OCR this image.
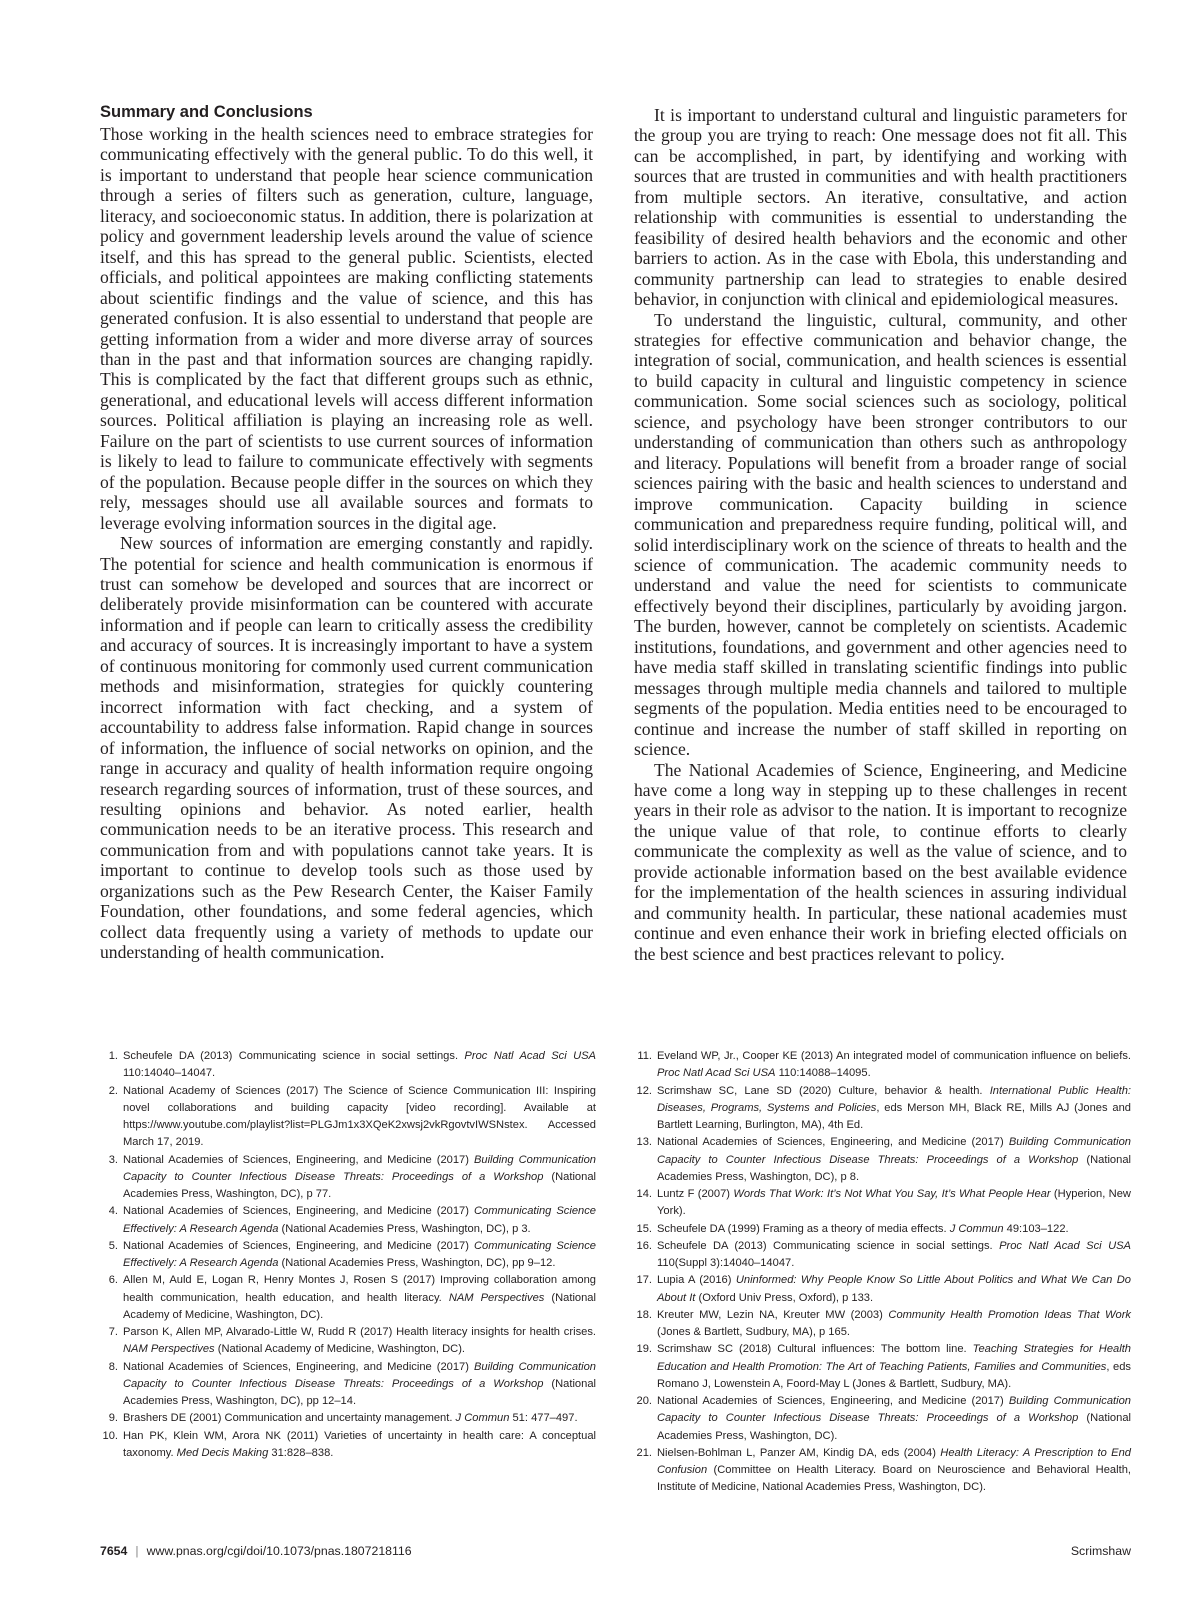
Summary and Conclusions

Those working in the health sciences need to embrace strategies for communicating effectively with the general public. To do this well, it is important to understand that people hear science communication through a series of filters such as generation, culture, language, literacy, and socioeconomic status. In addition, there is polarization at policy and government leadership levels around the value of science itself, and this has spread to the general public. Scientists, elected officials, and political appointees are making conflicting statements about scientific findings and the value of science, and this has generated confusion. It is also essential to understand that people are getting information from a wider and more diverse array of sources than in the past and that information sources are changing rapidly. This is complicated by the fact that different groups such as ethnic, generational, and educational levels will access different information sources. Political affiliation is playing an increasing role as well. Failure on the part of scientists to use current sources of information is likely to lead to failure to communicate effectively with segments of the population. Because people differ in the sources on which they rely, messages should use all available sources and formats to leverage evolving information sources in the digital age.

New sources of information are emerging constantly and rapidly. The potential for science and health communication is enormous if trust can somehow be developed and sources that are incorrect or deliberately provide misinformation can be countered with accurate information and if people can learn to critically assess the credibility and accuracy of sources. It is increasingly important to have a system of continuous monitoring for commonly used current communication methods and misinformation, strategies for quickly countering incorrect information with fact checking, and a system of accountability to address false information. Rapid change in sources of information, the influence of social networks on opinion, and the range in accuracy and quality of health information require ongoing research regarding sources of information, trust of these sources, and resulting opinions and behavior. As noted earlier, health communication needs to be an iterative process. This research and communication from and with populations cannot take years. It is important to continue to develop tools such as those used by organizations such as the Pew Research Center, the Kaiser Family Foundation, other foundations, and some federal agencies, which collect data frequently using a variety of methods to update our understanding of health communication.

It is important to understand cultural and linguistic parameters for the group you are trying to reach: One message does not fit all. This can be accomplished, in part, by identifying and working with sources that are trusted in communities and with health practitioners from multiple sectors. An iterative, consultative, and action relationship with communities is essential to understanding the feasibility of desired health behaviors and the economic and other barriers to action. As in the case with Ebola, this understanding and community partnership can lead to strategies to enable desired behavior, in conjunction with clinical and epidemiological measures.

To understand the linguistic, cultural, community, and other strategies for effective communication and behavior change, the integration of social, communication, and health sciences is essential to build capacity in cultural and linguistic competency in science communication. Some social sciences such as sociology, political science, and psychology have been stronger contributors to our understanding of communication than others such as anthropology and literacy. Populations will benefit from a broader range of social sciences pairing with the basic and health sciences to understand and improve communication. Capacity building in science communication and preparedness require funding, political will, and solid interdisciplinary work on the science of threats to health and the science of communication. The academic community needs to understand and value the need for scientists to communicate effectively beyond their disciplines, particularly by avoiding jargon. The burden, however, cannot be completely on scientists. Academic institutions, foundations, and government and other agencies need to have media staff skilled in translating scientific findings into public messages through multiple media channels and tailored to multiple segments of the population. Media entities need to be encouraged to continue and increase the number of staff skilled in reporting on science.

The National Academies of Science, Engineering, and Medicine have come a long way in stepping up to these challenges in recent years in their role as advisor to the nation. It is important to recognize the unique value of that role, to continue efforts to clearly communicate the complexity as well as the value of science, and to provide actionable information based on the best available evidence for the implementation of the health sciences in assuring individual and community health. In particular, these national academies must continue and even enhance their work in briefing elected officials on the best science and best practices relevant to policy.

1. Scheufele DA (2013) Communicating science in social settings. Proc Natl Acad Sci USA 110:14040–14047.
2. National Academy of Sciences (2017) The Science of Science Communication III: Inspiring novel collaborations and building capacity [video recording]. Available at https://www.youtube.com/playlist?list=PLGJm1x3XQeK2xwsj2vkRgovtvIWSNstex. Accessed March 17, 2019.
3. National Academies of Sciences, Engineering, and Medicine (2017) Building Communication Capacity to Counter Infectious Disease Threats: Proceedings of a Workshop (National Academies Press, Washington, DC), p 77.
4. National Academies of Sciences, Engineering, and Medicine (2017) Communicating Science Effectively: A Research Agenda (National Academies Press, Washington, DC), p 3.
5. National Academies of Sciences, Engineering, and Medicine (2017) Communicating Science Effectively: A Research Agenda (National Academies Press, Washington, DC), pp 9–12.
6. Allen M, Auld E, Logan R, Henry Montes J, Rosen S (2017) Improving collaboration among health communication, health education, and health literacy. NAM Perspectives (National Academy of Medicine, Washington, DC).
7. Parson K, Allen MP, Alvarado-Little W, Rudd R (2017) Health literacy insights for health crises. NAM Perspectives (National Academy of Medicine, Washington, DC).
8. National Academies of Sciences, Engineering, and Medicine (2017) Building Communication Capacity to Counter Infectious Disease Threats: Proceedings of a Workshop (National Academies Press, Washington, DC), pp 12–14.
9. Brashers DE (2001) Communication and uncertainty management. J Commun 51: 477–497.
10. Han PK, Klein WM, Arora NK (2011) Varieties of uncertainty in health care: A conceptual taxonomy. Med Decis Making 31:828–838.
11. Eveland WP, Jr., Cooper KE (2013) An integrated model of communication influence on beliefs. Proc Natl Acad Sci USA 110:14088–14095.
12. Scrimshaw SC, Lane SD (2020) Culture, behavior & health. International Public Health: Diseases, Programs, Systems and Policies, eds Merson MH, Black RE, Mills AJ (Jones and Bartlett Learning, Burlington, MA), 4th Ed.
13. National Academies of Sciences, Engineering, and Medicine (2017) Building Communication Capacity to Counter Infectious Disease Threats: Proceedings of a Workshop (National Academies Press, Washington, DC), p 8.
14. Luntz F (2007) Words That Work: It’s Not What You Say, It’s What People Hear (Hyperion, New York).
15. Scheufele DA (1999) Framing as a theory of media effects. J Commun 49:103–122.
16. Scheufele DA (2013) Communicating science in social settings. Proc Natl Acad Sci USA 110(Suppl 3):14040–14047.
17. Lupia A (2016) Uninformed: Why People Know So Little About Politics and What We Can Do About It (Oxford Univ Press, Oxford), p 133.
18. Kreuter MW, Lezin NA, Kreuter MW (2003) Community Health Promotion Ideas That Work (Jones & Bartlett, Sudbury, MA), p 165.
19. Scrimshaw SC (2018) Cultural influences: The bottom line. Teaching Strategies for Health Education and Health Promotion: The Art of Teaching Patients, Families and Communities, eds Romano J, Lowenstein A, Foord-May L (Jones & Bartlett, Sudbury, MA).
20. National Academies of Sciences, Engineering, and Medicine (2017) Building Communication Capacity to Counter Infectious Disease Threats: Proceedings of a Workshop (National Academies Press, Washington, DC).
21. Nielsen-Bohlman L, Panzer AM, Kindig DA, eds (2004) Health Literacy: A Prescription to End Confusion (Committee on Health Literacy. Board on Neuroscience and Behavioral Health, Institute of Medicine, National Academies Press, Washington, DC).
7654 | www.pnas.org/cgi/doi/10.1073/pnas.1807218116	Scrimshaw
